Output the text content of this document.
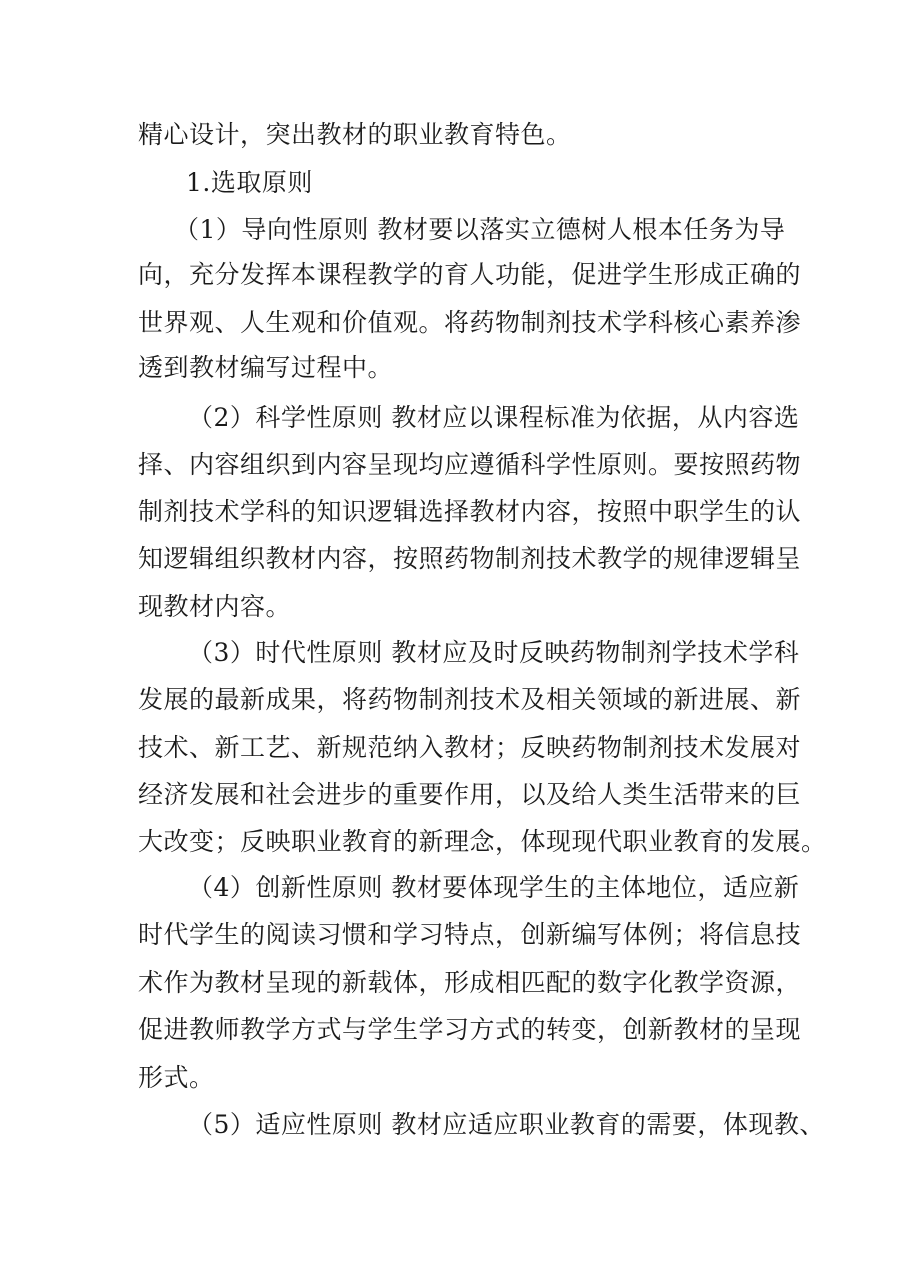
精心设计，突出教材的职业教育特色。
1.选取原则
（1）导向性原则 教材要以落实立德树人根本任务为导
向，充分发挥本课程教学的育人功能，促进学生形成正确的
世界观、人生观和价值观。将药物制剂技术学科核心素养渗
透到教材编写过程中。
（2）科学性原则 教材应以课程标准为依据，从内容选
择、内容组织到内容呈现均应遵循科学性原则。要按照药物
制剂技术学科的知识逻辑选择教材内容，按照中职学生的认
知逻辑组织教材内容，按照药物制剂技术教学的规律逻辑呈
现教材内容。
（3）时代性原则 教材应及时反映药物制剂学技术学科
发展的最新成果，将药物制剂技术及相关领域的新进展、新
技术、新工艺、新规范纳入教材；反映药物制剂技术发展对
经济发展和社会进步的重要作用，以及给人类生活带来的巨
大改变；反映职业教育的新理念，体现现代职业教育的发展。
（4）创新性原则 教材要体现学生的主体地位，适应新
时代学生的阅读习惯和学习特点，创新编写体例；将信息技
术作为教材呈现的新载体，形成相匹配的数字化教学资源，
促进教师教学方式与学生学习方式的转变，创新教材的呈现
形式。
（5）适应性原则 教材应适应职业教育的需要，体现教、
